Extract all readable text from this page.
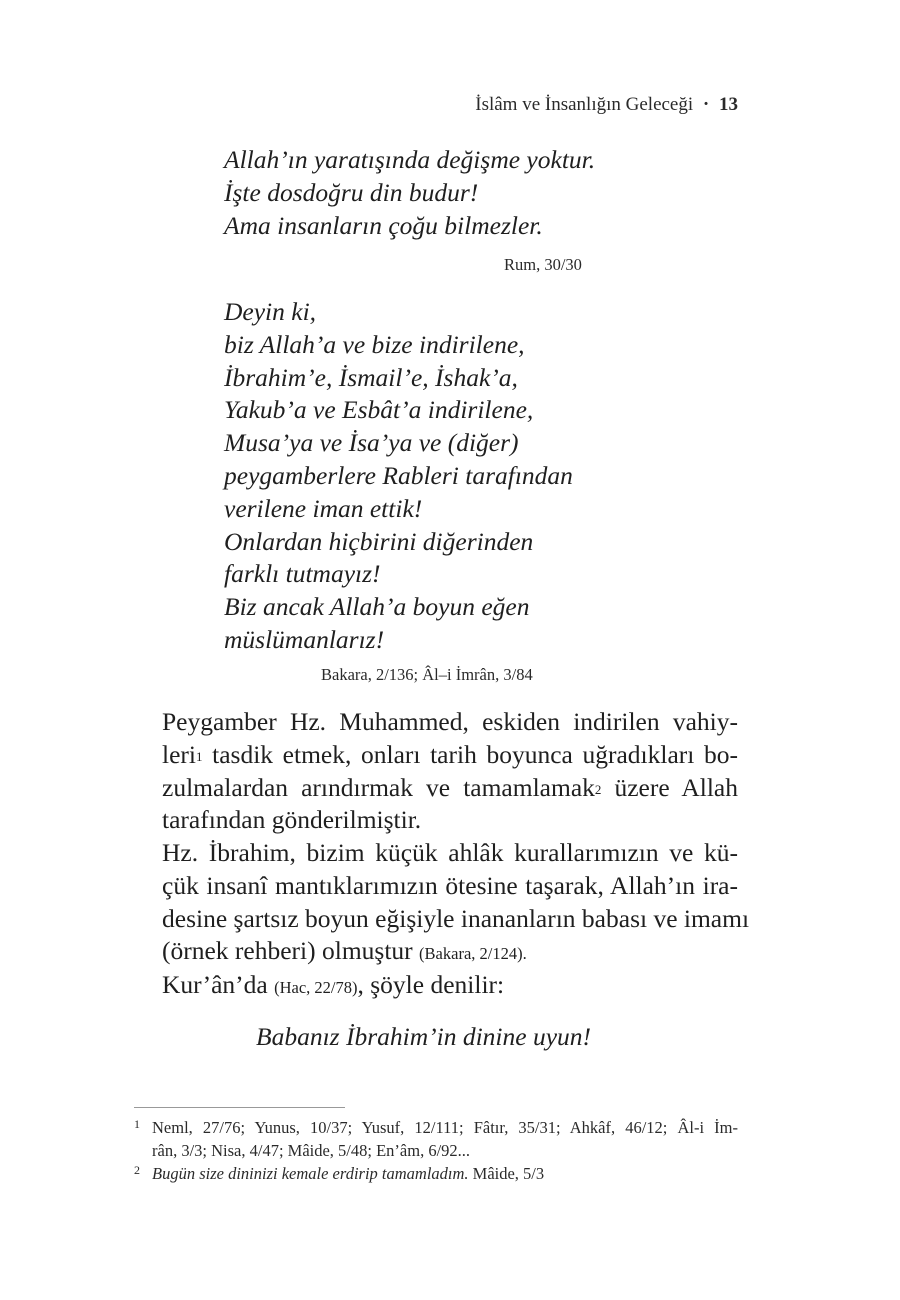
İslâm ve İnsanlığın Geleceği · 13
Allah’ın yaratışında değişme yoktur.
İşte dosdoğru din budur!
Ama insanların çoğu bilmezler.
Rum, 30/30
Deyin ki,
biz Allah’a ve bize indirilene,
İbrahim’e, İsmail’e, İshak’a,
Yakub’a ve Esbât’a indirilene,
Musa’ya ve İsa’ya ve (diğer)
peygamberlere Rableri tarafından
verilene iman ettik!
Onlardan hiçbirini diğerinden
farklı tutmayız!
Biz ancak Allah’a boyun eğen
müslümanlarız!
Bakara, 2/136; Âl–i İmrân, 3/84
Peygamber Hz. Muhammed, eskiden indirilen vahiy-
leri$^1$ tasdik etmek, onları tarih boyunca uğradıkları bo-
zulmalardan arındırmak ve tamamlamak$^2$ üzere Allah
tarafından gönderilmiştir.
Hz. İbrahim, bizim küçük ahlâk kurallarımızın ve kü-
çük insanî mantıklarımızın ötesine taşarak, Allah’ın ira-
desine şartsız boyun eğişiyle inananların babası ve imamı
(örnek rehberi) olmuştur (Bakara, 2/124).
Kur’ân’da (Hac, 22/78), şöyle denilir:
Babanız İbrahim’in dinine uyun!
1 Neml, 27/76; Yunus, 10/37; Yusuf, 12/111; Fâtır, 35/31; Ahkâf, 46/12; Âl-i İm-
rân, 3/3; Nisa, 4/47; Mâide, 5/48; En’âm, 6/92...
2 Bugün size dininizi kemale erdirip tamamladım. Mâide, 5/3
